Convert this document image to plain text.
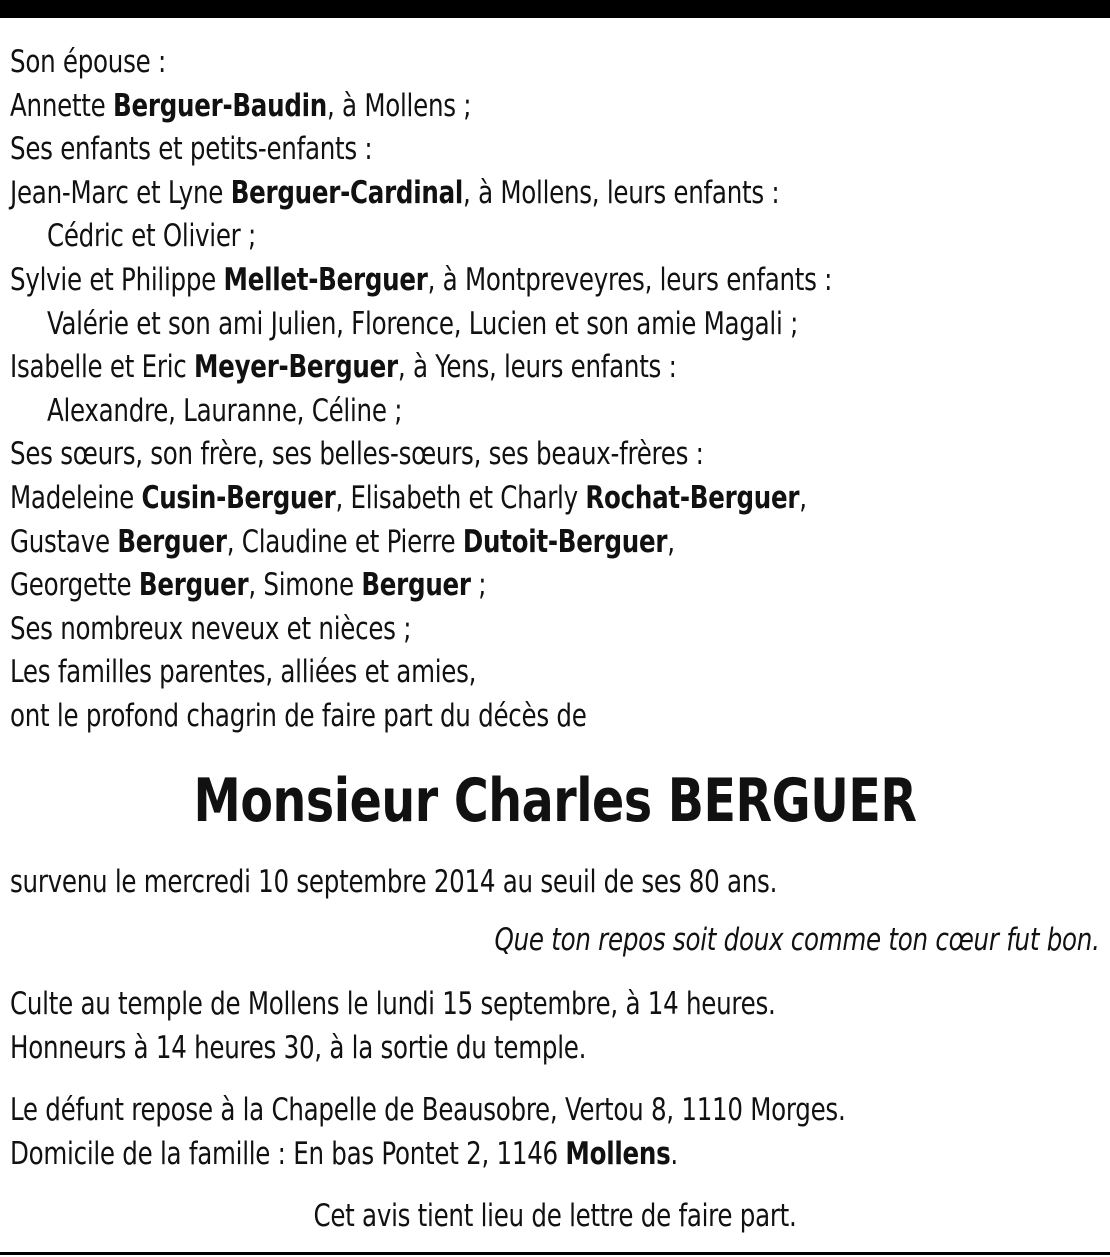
Son épouse :
Annette Berguer-Baudin, à Mollens ;
Ses enfants et petits-enfants :
Jean-Marc et Lyne Berguer-Cardinal, à Mollens, leurs enfants :
Cédric et Olivier ;
Sylvie et Philippe Mellet-Berguer, à Montpreveyres, leurs enfants :
Valérie et son ami Julien, Florence, Lucien et son amie Magali ;
Isabelle et Eric Meyer-Berguer, à Yens, leurs enfants :
Alexandre, Lauranne, Céline ;
Ses sœurs, son frère, ses belles-sœurs, ses beaux-frères :
Madeleine Cusin-Berguer, Elisabeth et Charly Rochat-Berguer,
Gustave Berguer, Claudine et Pierre Dutoit-Berguer,
Georgette Berguer, Simone Berguer ;
Ses nombreux neveux et nièces ;
Les familles parentes, alliées et amies,
ont le profond chagrin de faire part du décès de
Monsieur Charles BERGUER
survenu le mercredi 10 septembre 2014 au seuil de ses 80 ans.
Que ton repos soit doux comme ton cœur fut bon.
Culte au temple de Mollens le lundi 15 septembre, à 14 heures.
Honneurs à 14 heures 30, à la sortie du temple.
Le défunt repose à la Chapelle de Beausobre, Vertou 8, 1110 Morges.
Domicile de la famille : En bas Pontet 2, 1146 Mollens.
Cet avis tient lieu de lettre de faire part.
